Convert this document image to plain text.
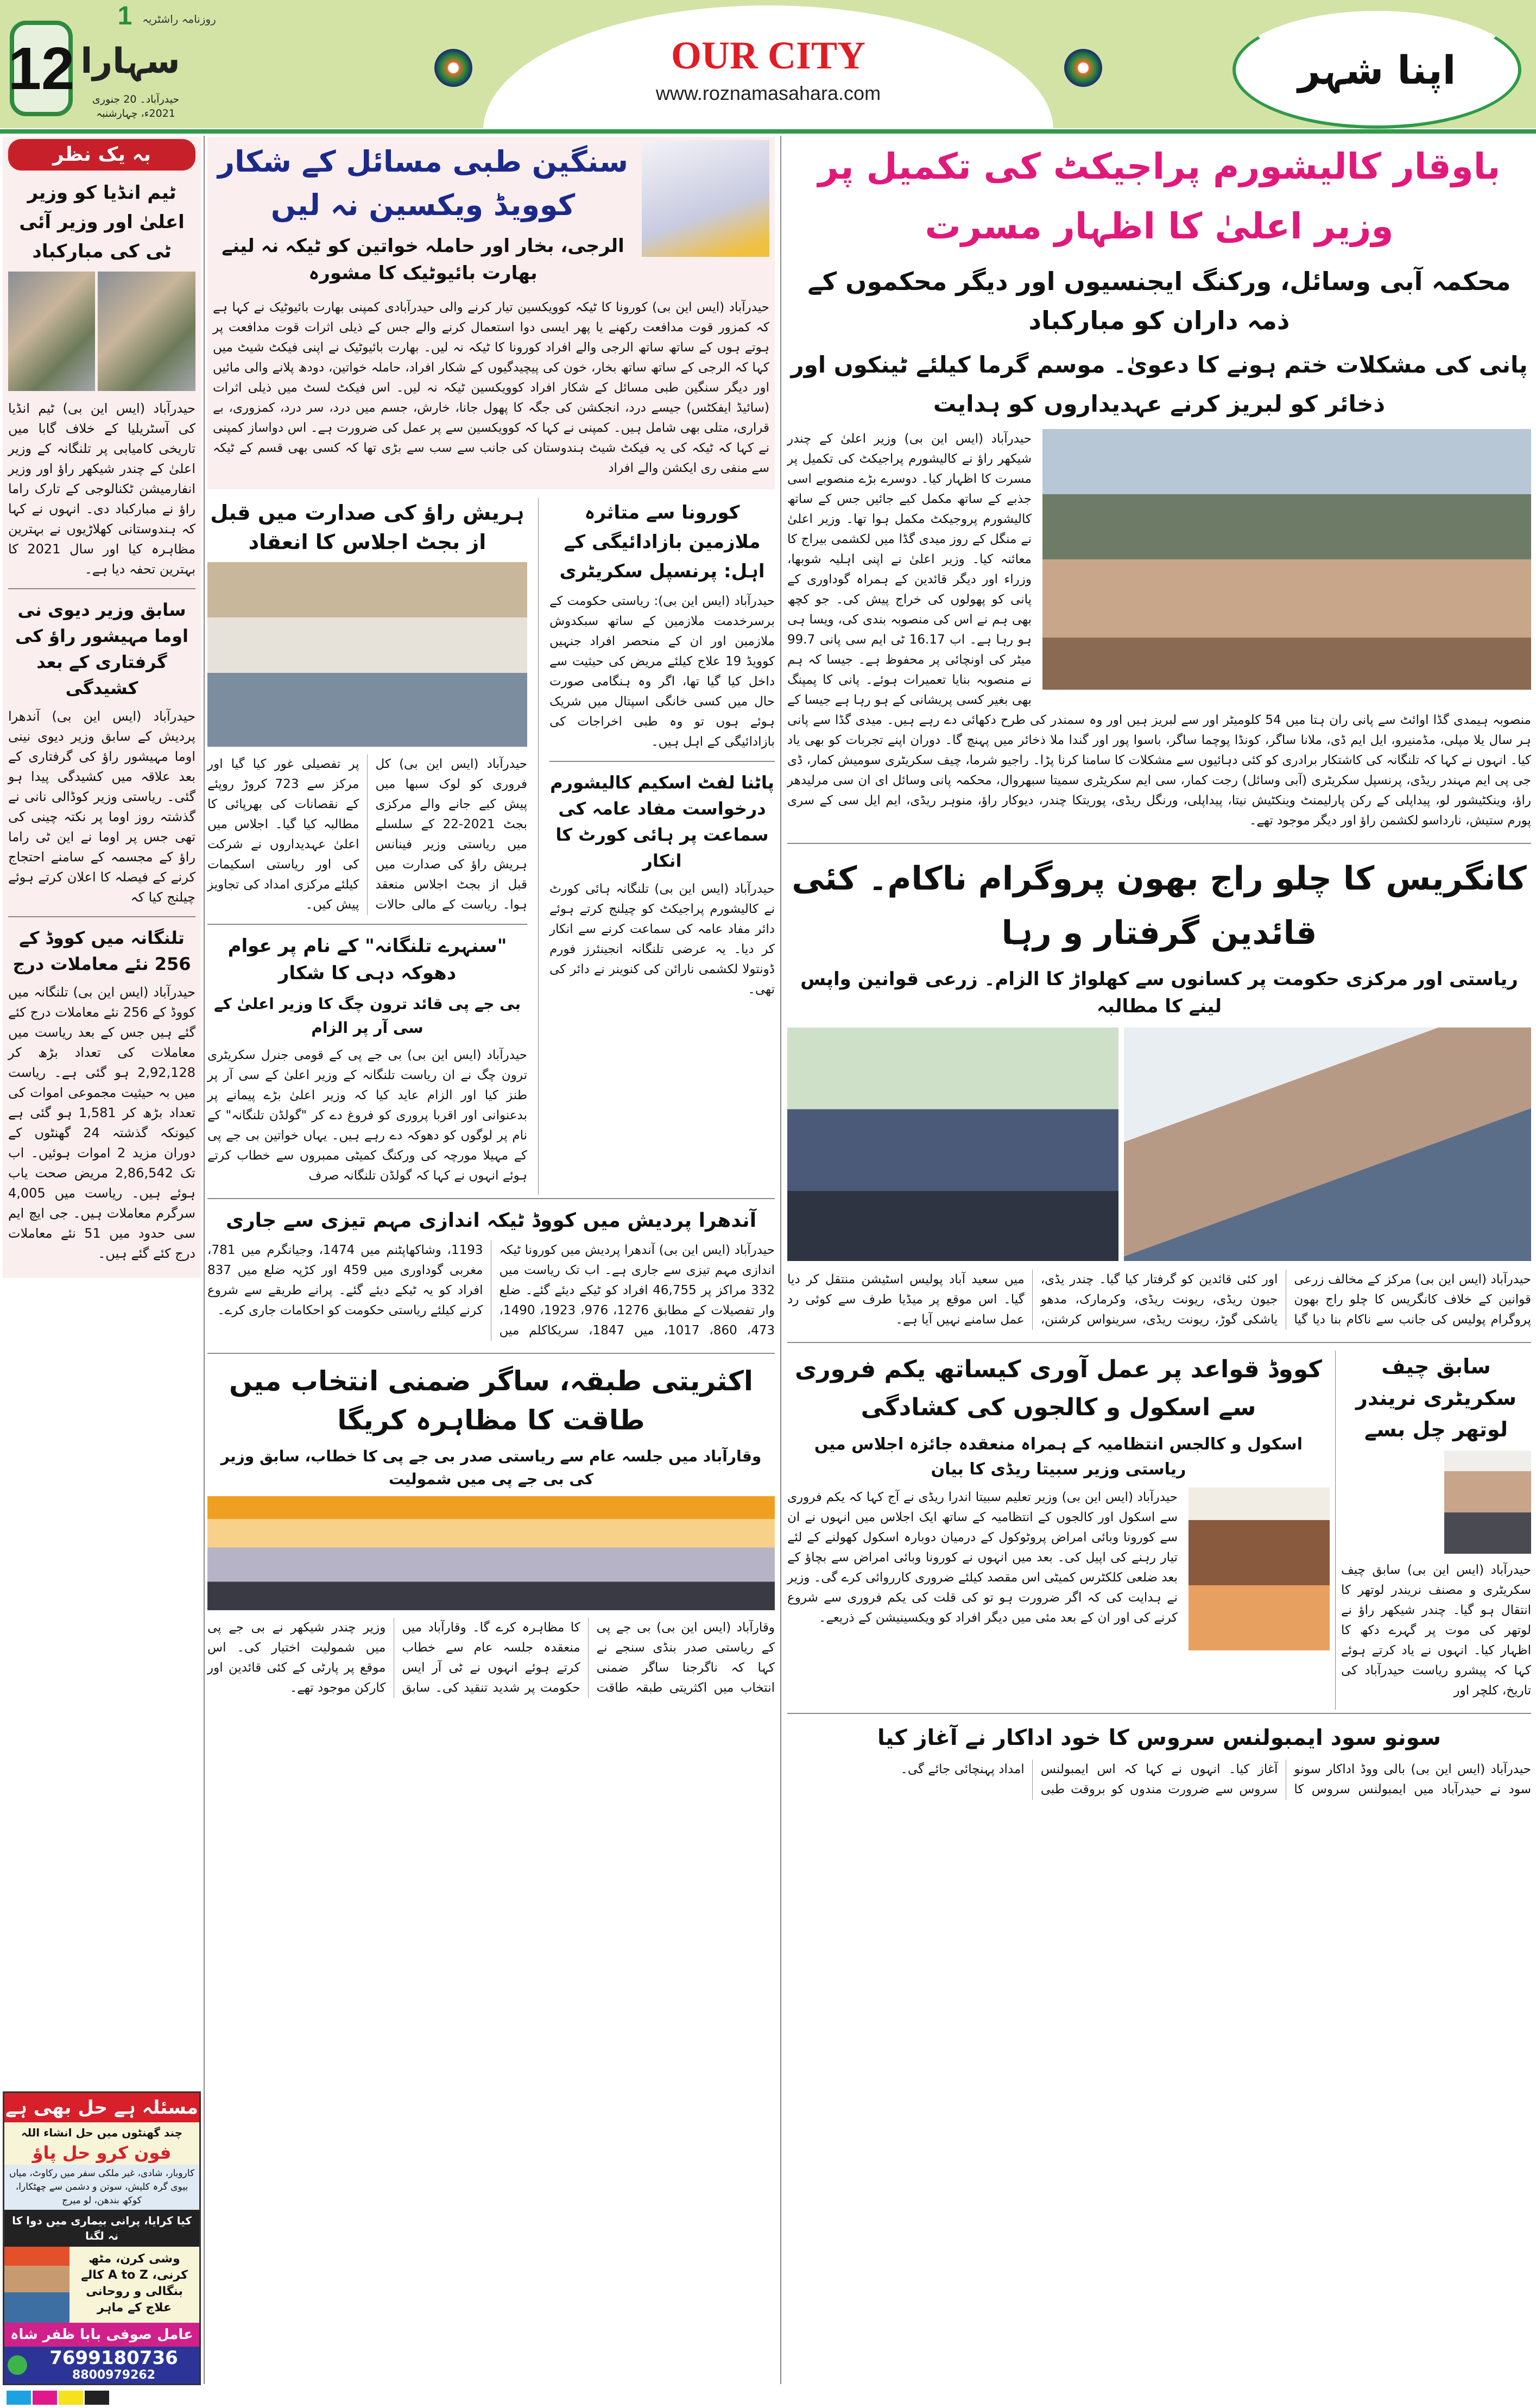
12
1 روزنامہ راشٹریہ
سہارا
حیدرآباد۔ 20 جنوری 2021ء، چہارشنبہ
OUR CITY
www.roznamasahara.com
اپنا شہر
بہ یک نظر
ٹیم انڈیا کو وزیر اعلیٰ اور وزیر آئی ٹی کی مبارکباد
حیدرآباد (ایس این بی) ٹیم انڈیا کی آسٹریلیا کے خلاف گابا میں تاریخی کامیابی پر تلنگانہ کے وزیر اعلیٰ کے چندر شیکھر راؤ اور وزیر انفارمیشن ٹکنالوجی کے تارک راما راؤ نے مبارکباد دی۔ انہوں نے کہا کہ ہندوستانی کھلاڑیوں نے بہترین مظاہرہ کیا اور سال 2021 کا بہترین تحفہ دیا ہے۔
سابق وزیر دیوی نی اوما مہیشور راؤ کی گرفتاری کے بعد کشیدگی
حیدرآباد (ایس این بی) آندھرا پردیش کے سابق وزیر دیوی نینی اوما مہیشور راؤ کی گرفتاری کے بعد علاقہ میں کشیدگی پیدا ہو گئی۔ ریاستی وزیر کوڈالی نانی نے گذشتہ روز اوما پر نکتہ چینی کی تھی جس پر اوما نے این ٹی راما راؤ کے مجسمہ کے سامنے احتجاج کرنے کے فیصلہ کا اعلان کرتے ہوئے چیلنج کیا کہ
تلنگانہ میں کووڈ کے 256 نئے معاملات درج
حیدرآباد (ایس این بی) تلنگانہ میں کووڈ کے 256 نئے معاملات درج کئے گئے ہیں جس کے بعد ریاست میں معاملات کی تعداد بڑھ کر 2,92,128 ہو گئی ہے۔ ریاست میں بہ حیثیت مجموعی اموات کی تعداد بڑھ کر 1,581 ہو گئی ہے کیونکہ گذشتہ 24 گھنٹوں کے دوران مزید 2 اموات ہوئیں۔ اب تک 2,86,542 مریض صحت یاب ہوئے ہیں۔ ریاست میں 4,005 سرگرم معاملات ہیں۔ جی ایچ ایم سی حدود میں 51 نئے معاملات درج کئے گئے ہیں۔
مسئلہ ہے حل بھی ہے
چند گھنٹوں میں حل انشاء اللہ
فون کرو حل پاؤ
کاروبار، شادی، غیر ملکی سفر میں رکاوٹ، میاں بیوی گرہ کلیش، سوتن و دشمن سے چھٹکارا، کوکھ بندھن، لو میرج
کیا کرایا، پرانی بیماری میں دوا کا نہ لگنا
وشی کرن، مٹھ کرنی، A to Z کالے بنگالی و روحانی علاج کے ماہر
عامل صوفی بابا ظفر شاہ
7699180736
8800979262
سنگین طبی مسائل کے شکار کوویڈ ویکسین نہ لیں
الرجی، بخار اور حاملہ خواتین کو ٹیکہ نہ لینے بھارت بائیوٹیک کا مشورہ
حیدرآباد (ایس این بی) کورونا کا ٹیکہ کوویکسین تیار کرنے والی حیدرآبادی کمپنی بھارت بائیوٹیک نے کہا ہے کہ کمزور قوت مدافعت رکھنے یا پھر ایسی دوا استعمال کرنے والے جس کے ذیلی اثرات قوت مدافعت پر ہوتے ہوں کے ساتھ ساتھ الرجی والے افراد کورونا کا ٹیکہ نہ لیں۔ بھارت بائیوٹیک نے اپنی فیکٹ شیٹ میں کہا کہ الرجی کے ساتھ ساتھ بخار، خون کی پیچیدگیوں کے شکار افراد، حاملہ خواتین، دودھ پلانے والی مائیں اور دیگر سنگین طبی مسائل کے شکار افراد کوویکسین ٹیکہ نہ لیں۔ اس فیکٹ لسٹ میں ذیلی اثرات (سائیڈ ایفکٹس) جیسے درد، انجکشن کی جگہ کا پھول جانا، خارش، جسم میں درد، سر درد، کمزوری، بے قراری، متلی بھی شامل ہیں۔ کمپنی نے کہا کہ کوویکسین سے پر عمل کی ضرورت ہے۔ اس دواساز کمپنی نے کہا کہ ٹیکہ کی یہ فیکٹ شیٹ ہندوستان کی جانب سے سب سے بڑی تھا کہ کسی بھی قسم کے ٹیکہ سے منفی ری ایکشن والے افراد
کورونا سے متاثرہ ملازمین بازادائیگی کے اہل: پرنسپل سکریٹری
حیدرآباد (ایس این بی): ریاستی حکومت کے برسرخدمت ملازمین کے ساتھ سبکدوش ملازمین اور ان کے منحصر افراد جنہیں کوویڈ 19 علاج کیلئے مریض کی حیثیت سے داخل کیا گیا تھا، اگر وہ ہنگامی صورت حال میں کسی خانگی اسپتال میں شریک ہوئے ہوں تو وہ طبی اخراجات کی بازادائیگی کے اہل ہیں۔
پاٹنا لفٹ اسکیم کالیشورم درخواست مفاد عامہ کی سماعت پر ہائی کورٹ کا انکار
حیدرآباد (ایس این بی) تلنگانہ ہائی کورٹ نے کالیشورم پراجیکٹ کو چیلنج کرتے ہوئے دائر مفاد عامہ کی سماعت کرنے سے انکار کر دیا۔ یہ عرضی تلنگانہ انجینئرز فورم ڈونتولا لکشمی نارائن کی کنوینر نے دائر کی تھی۔
ہریش راؤ کی صدارت میں قبل از بجٹ اجلاس کا انعقاد
حیدرآباد (ایس این بی) کل فروری کو لوک سبھا میں پیش کیے جانے والے مرکزی بجٹ 2021-22 کے سلسلے میں ریاستی وزیر فینانس ہریش راؤ کی صدارت میں قبل از بجٹ اجلاس منعقد ہوا۔ ریاست کے مالی حالات پر تفصیلی غور کیا گیا اور مرکز سے 723 کروڑ روپئے کے نقصانات کی بھرپائی کا مطالبہ کیا گیا۔ اجلاس میں اعلیٰ عہدیداروں نے شرکت کی اور ریاستی اسکیمات کیلئے مرکزی امداد کی تجاویز پیش کیں۔
"سنہرے تلنگانہ" کے نام پر عوام دھوکہ دہی کا شکار
بی جے پی قائد ترون چگ کا وزیر اعلیٰ کے سی آر پر الزام
حیدرآباد (ایس این بی) بی جے پی کے قومی جنرل سکریٹری ترون چگ نے ان ریاست تلنگانہ کے وزیر اعلیٰ کے سی آر پر طنز کیا اور الزام عاید کیا کہ وزیر اعلیٰ بڑے پیمانے پر بدعنوانی اور اقربا پروری کو فروغ دے کر "گولڈن تلنگانہ" کے نام پر لوگوں کو دھوکہ دے رہے ہیں۔ یہاں خواتین بی جے پی کے مہیلا مورچہ کی ورکنگ کمیٹی ممبروں سے خطاب کرتے ہوئے انہوں نے کہا کہ گولڈن تلنگانہ صرف
آندھرا پردیش میں کووڈ ٹیکہ اندازی مہم تیزی سے جاری
حیدرآباد (ایس این بی) آندھرا پردیش میں کورونا ٹیکہ اندازی مہم تیزی سے جاری ہے۔ اب تک ریاست میں 332 مراکز پر 46,755 افراد کو ٹیکے دیئے گئے۔ ضلع وار تفصیلات کے مطابق 1276، 976، 1923، 1490، 473، 860، 1017، میں 1847، سریکاکلم میں 1193، وشاکھاپٹنم میں 1474، وجیانگرم میں 781، مغربی گوداوری میں 459 اور کڑپہ ضلع میں 837 افراد کو یہ ٹیکے دیئے گئے۔ پرانے طریقے سے شروع کرنے کیلئے ریاستی حکومت کو احکامات جاری کرے۔
اکثریتی طبقہ، ساگر ضمنی انتخاب میں طاقت کا مظاہرہ کریگا
وقارآباد میں جلسہ عام سے ریاستی صدر بی جے پی کا خطاب، سابق وزیر کی بی جے پی میں شمولیت
وقارآباد (ایس این بی) بی جے پی کے ریاستی صدر بنڈی سنجے نے کہا کہ ناگرجنا ساگر ضمنی انتخاب میں اکثریتی طبقہ طاقت کا مظاہرہ کرے گا۔ وقارآباد میں منعقدہ جلسہ عام سے خطاب کرتے ہوئے انہوں نے ٹی آر ایس حکومت پر شدید تنقید کی۔ سابق وزیر چندر شیکھر نے بی جے پی میں شمولیت اختیار کی۔ اس موقع پر پارٹی کے کئی قائدین اور کارکن موجود تھے۔
باوقار کالیشورم پراجیکٹ کی تکمیل پر وزیر اعلیٰ کا اظہار مسرت
محکمہ آبی وسائل، ورکنگ ایجنسیوں اور دیگر محکموں کے ذمہ داران کو مبارکباد
پانی کی مشکلات ختم ہونے کا دعویٰ۔ موسم گرما کیلئے ٹینکوں اور ذخائر کو لبریز کرنے عہدیداروں کو ہدایت
حیدرآباد (ایس این بی) وزیر اعلیٰ کے چندر شیکھر راؤ نے کالیشورم پراجیکٹ کی تکمیل پر مسرت کا اظہار کیا۔ دوسرے بڑے منصوبے اسی جذبے کے ساتھ مکمل کیے جائیں جس کے ساتھ کالیشورم پروجیکٹ مکمل ہوا تھا۔ وزیر اعلیٰ نے منگل کے روز میدی گڈا میں لکشمی بیراج کا معائنہ کیا۔ وزیر اعلیٰ نے اپنی اہلیہ شوبھا، وزراء اور دیگر قائدین کے ہمراہ گوداوری کے پانی کو پھولوں کی خراج پیش کی۔ جو کچھ بھی ہم نے اس کی منصوبہ بندی کی، ویسا ہی ہو رہا ہے۔ اب 16.17 ٹی ایم سی پانی 99.7 میٹر کی اونچائی پر محفوظ ہے۔ جیسا کہ ہم نے منصوبہ بنایا تعمیرات ہوئے۔ پانی کا پمپنگ بھی بغیر کسی پریشانی کے ہو رہا ہے جیسا کے منصوبہ ہیمدی گڈا اوائٹ سے پانی ران ہتا میں 54 کلومیٹر اور سے لبریز ہیں اور وہ سمندر کی طرح دکھائی دے رہے ہیں۔ میدی گڈا سے پانی ہر سال یلا مپلی، مڈمنیرو، ایل ایم ڈی، ملانا ساگر، کونڈا پوچما ساگر، باسوا پور اور گندا ملا ذخائر میں پہنچ گا۔ دوران اپنے تجربات کو بھی یاد کیا۔ انہوں نے کہا کہ تلنگانہ کی کاشتکار برادری کو کئی دہائیوں سے مشکلات کا سامنا کرنا پڑا۔ راجیو شرما، چیف سکریٹری سومیش کمار، ڈی جی پی ایم مہندر ریڈی، پرنسپل سکریٹری (آبی وسائل) رجت کمار، سی ایم سکریٹری سمیتا سبھروال، محکمہ پانی وسائل ای ان سی مرلیدھر راؤ، وینکٹیشور لو، پیداپلی کے رکن پارلیمنٹ وینکٹیش نیتا، پیداپلی، ورنگل ریڈی، پوریتکا چندر، دیوکار راؤ، منوہر ریڈی، ایم ایل سی کے سری پورم ستیش، نارداسو لکشمن راؤ اور دیگر موجود تھے۔
کانگریس کا چلو راج بھون پروگرام ناکام۔ کئی قائدین گرفتار و رہا
ریاستی اور مرکزی حکومت پر کسانوں سے کھلواڑ کا الزام۔ زرعی قوانین واپس لینے کا مطالبہ
حیدرآباد (ایس این بی) مرکز کے مخالف زرعی قوانین کے خلاف کانگریس کا چلو راج بھون پروگرام پولیس کی جانب سے ناکام بنا دیا گیا اور کئی قائدین کو گرفتار کیا گیا۔ چندر یڈی، جیون ریڈی، ریونت ریڈی، وکرمارک، مدھو یاشکی گوڑ، ریونت ریڈی، سرینواس کرشنن، میں سعید آباد پولیس اسٹیشن منتقل کر دیا گیا۔ اس موقع پر میڈیا طرف سے کوئی رد عمل سامنے نہیں آیا ہے۔
سابق چیف سکریٹری نریندر لوتھر چل بسے
حیدرآباد (ایس این بی) سابق چیف سکریٹری و مصنف نریندر لوتھر کا انتقال ہو گیا۔ چندر شیکھر راؤ نے لوتھر کی موت پر گہرے دکھ کا اظہار کیا۔ انہوں نے یاد کرتے ہوئے کہا کہ پیشرو ریاست حیدرآباد کی تاریخ، کلچر اور
کووڈ قواعد پر عمل آوری کیساتھ یکم فروری سے اسکول و کالجوں کی کشادگی
اسکول و کالجس انتظامیہ کے ہمراہ منعقدہ جائزہ اجلاس میں ریاستی وزیر سبیتا ریڈی کا بیان
حیدرآباد (ایس این بی) وزیر تعلیم سبیتا اندرا ریڈی نے آج کہا کہ یکم فروری سے اسکول اور کالجوں کے انتظامیہ کے ساتھ ایک اجلاس میں انہوں نے ان سے کورونا وبائی امراض پروٹوکول کے درمیان دوبارہ اسکول کھولنے کے لئے تیار رہنے کی اپیل کی۔ بعد میں انہوں نے کورونا وبائی امراض سے بچاؤ کے بعد ضلعی کلکٹرس کمیٹی اس مقصد کیلئے ضروری کارروائی کرے گی۔ وزیر نے ہدایت کی کہ اگر ضرورت ہو تو کی قلت کی یکم فروری سے شروع کرنے کی اور ان کے بعد مئی میں دیگر افراد کو ویکسینیشن کے ذریعے۔
سونو سود ایمبولنس سروس کا خود اداکار نے آغاز کیا
حیدرآباد (ایس این بی) بالی ووڈ اداکار سونو سود نے حیدرآباد میں ایمبولنس سروس کا آغاز کیا۔ انہوں نے کہا کہ اس ایمبولنس سروس سے ضرورت مندوں کو بروقت طبی امداد پہنچائی جائے گی۔
